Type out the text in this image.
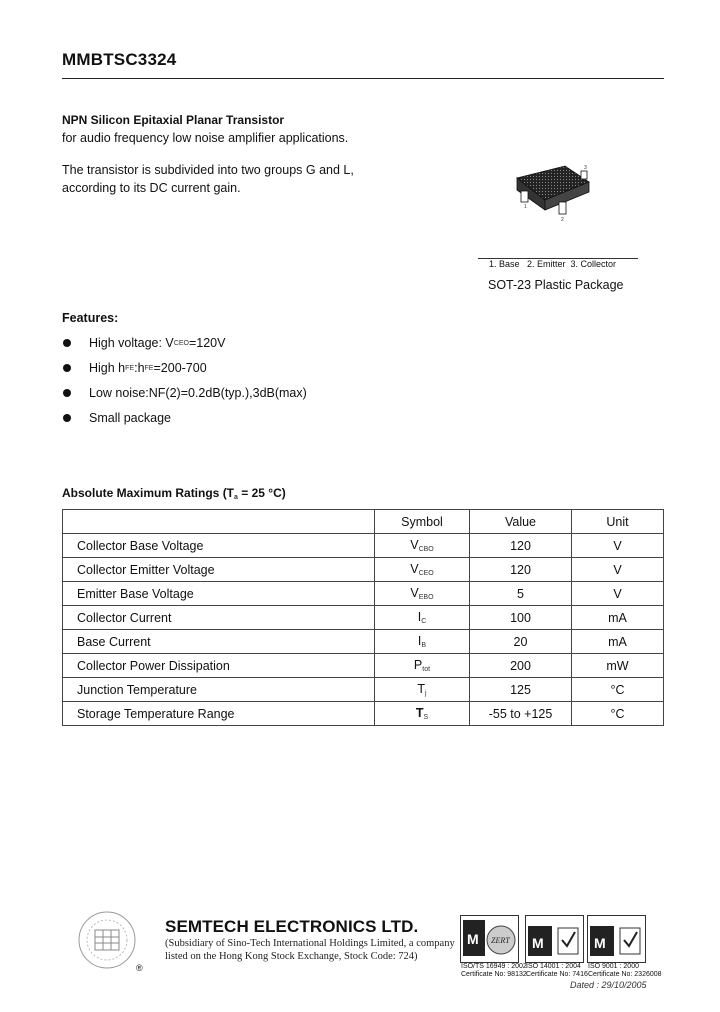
MMBTSC3324
NPN Silicon Epitaxial Planar Transistor
for audio frequency low noise amplifier applications.
The transistor is subdivided into two groups G and L,
according to its DC current gain.
1
2
3
1. Base   2. Emitter  3. Collector
SOT-23 Plastic Package
Features:
High voltage: V CEO =120V
High h FE :h FE =200-700
Low noise:NF(2)=0.2dB(typ.),3dB(max)
Small package
Absolute Maximum Ratings ($T_a = 25$ °C)
	Symbol	Value	Unit
Collector Base Voltage	$V_{CBO}$	120	V
Collector Emitter Voltage	$V_{CEO}$	120	V
Emitter Base Voltage	$V_{EBO}$	5	V
Collector Current	$I_C$	100	mA
Base Current	$I_B$	20	mA
Collector Power Dissipation	$P_{tot}$	200	mW
Junction Temperature	$T_j$	125	°C
Storage Temperature Range	$T_S$	-55 to +125	°C
®
SEMTECH ELECTRONICS LTD.
(Subsidiary of Sino-Tech International Holdings Limited, a company
listed on the Hong Kong Stock Exchange, Stock Code: 724)
M ZERT M	M
ISO/TS 16949 : 2002
Certificate No: 98132
ISO 14001 : 2004
Certificate No: 7416
ISO 9001 : 2000
Certificate No: 2326008
Dated : 29/10/2005
